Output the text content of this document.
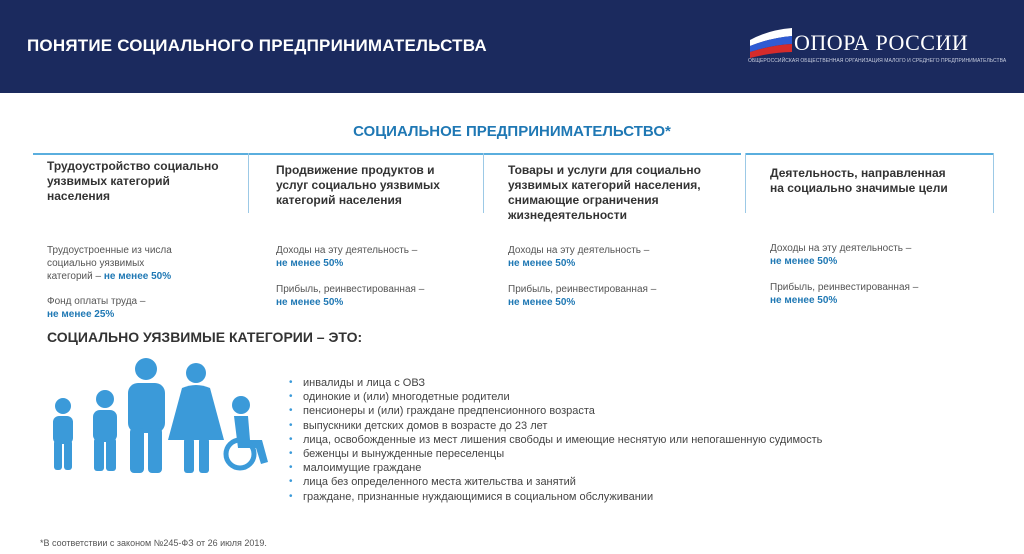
ПОНЯТИЕ СОЦИАЛЬНОГО ПРЕДПРИНИМАТЕЛЬСТВА	ОПОРА РОССИИ
ОБЩЕРОССИЙСКАЯ ОБЩЕСТВЕННАЯ ОРГАНИЗАЦИЯ МАЛОГО И СРЕДНЕГО ПРЕДПРИНИМАТЕЛЬСТВА
СОЦИАЛЬНОЕ ПРЕДПРИНИМАТЕЛЬСТВО*
Трудоустройство социально
уязвимых категорий
населения
Трудоустроенные из числа
социально уязвимых
категорий – не менее 50%
Фонд оплаты труда –
не менее 25%
Продвижение продуктов и
услуг социально уязвимых
категорий населения
Доходы на эту деятельность –
не менее 50%
Прибыль, реинвестированная –
не менее 50%
Товары и услуги для социально
уязвимых категорий населения,
снимающие ограничения
жизнедеятельности
Доходы на эту деятельность –
не менее 50%
Прибыль, реинвестированная –
не менее 50%
Деятельность, направленная
на социально значимые цели
Доходы на эту деятельность –
не менее 50%
Прибыль, реинвестированная –
не менее 50%
СОЦИАЛЬНО УЯЗВИМЫЕ КАТЕГОРИИ – ЭТО:
• инвалиды и лица с ОВЗ
• одинокие и (или) многодетные родители
• пенсионеры и (или) граждане предпенсионного возраста
• выпускники детских домов в возрасте до 23 лет
• лица, освобожденные из мест лишения свободы и имеющие неснятую или непогашенную судимость
• беженцы и вынужденные переселенцы
• малоимущие граждане
• лица без определенного места жительства и занятий
• граждане, признанные нуждающимися в социальном обслуживании
*В соответствии с законом №245-ФЗ от 26 июля 2019.
